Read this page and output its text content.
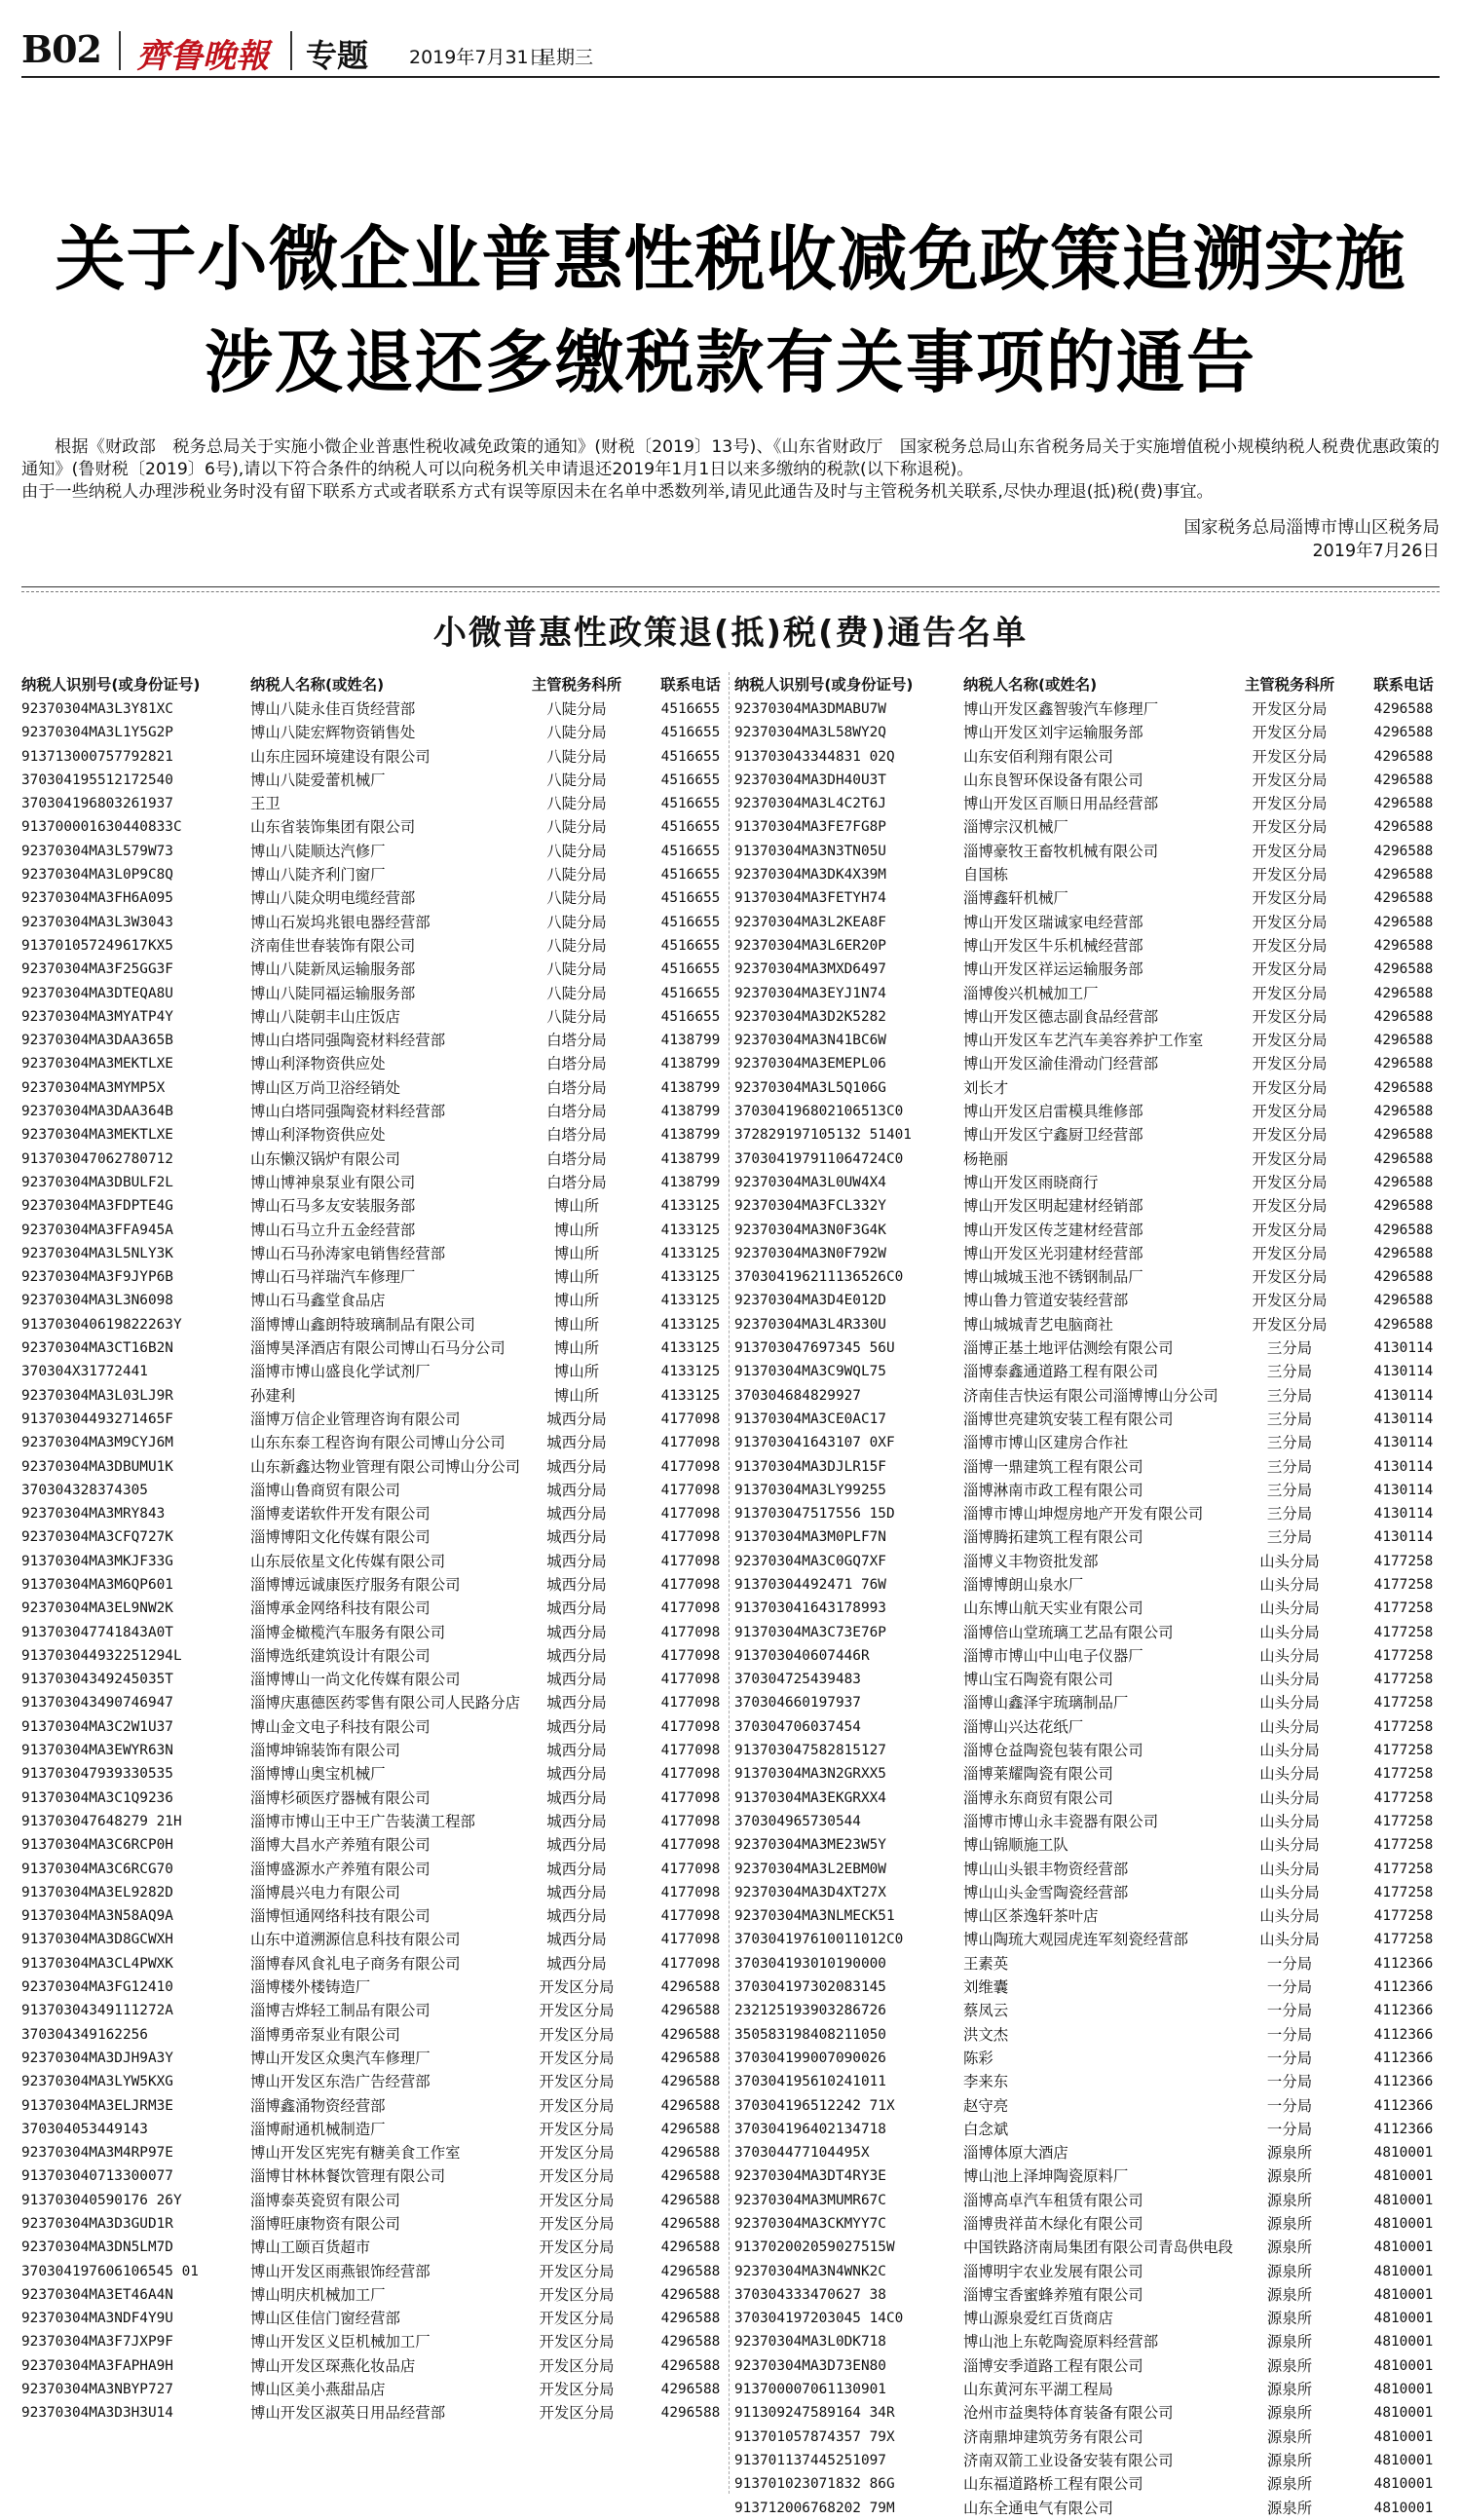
B02 齊鲁晚報 专题 2019年7月31日
星期三
关于小微企业普惠性税收减免政策追溯实施
涉及退还多缴税款有关事项的通告

根据《财政部　税务总局关于实施小微企业普惠性税收减免政策的通知》(财税〔2019〕13号)、《山东省财政厅　国家税务总局山东省税务局关于实施增值税小规模纳税人税费优惠政策的通知》(鲁财税〔2019〕6号),请以下符合条件的纳税人可以向税务机关申请退还2019年1月1日以来多缴纳的税款(以下称退税)。

由于一些纳税人办理涉税业务时没有留下联系方式或者联系方式有误等原因未在名单中悉数列举,请见此通告及时与主管税务机关联系,尽快办理退(抵)税(费)事宜。

国家税务总局淄博市博山区税务局
2019年7月26日
小微普惠性政策退(抵)税(费)通告名单
纳税人识别号(或身份证号)	纳税人名称(或姓名)	主管税务科所	联系电话
92370304MA3L3Y81XC	博山八陡永佳百货经营部	八陡分局	4516655
92370304MA3L1Y5G2P	博山八陡宏辉物资销售处	八陡分局	4516655
913713000757792821	山东庄园环境建设有限公司	八陡分局	4516655
370304195512172540	博山八陡爱蕾机械厂	八陡分局	4516655
370304196803261937	王卫	八陡分局	4516655
913700001630440833C	山东省装饰集团有限公司	八陡分局	4516655
92370304MA3L579W73	博山八陡顺达汽修厂	八陡分局	4516655
92370304MA3L0P9C8Q	博山八陡齐利门窗厂	八陡分局	4516655
92370304MA3FH6A095	博山八陡众明电缆经营部	八陡分局	4516655
92370304MA3L3W3043	博山石炭坞兆银电器经营部	八陡分局	4516655
913701057249617KX5	济南佳世春装饰有限公司	八陡分局	4516655
92370304MA3F25GG3F	博山八陡新凤运输服务部	八陡分局	4516655
92370304MA3DTEQA8U	博山八陡同福运输服务部	八陡分局	4516655
92370304MA3MYATP4Y	博山八陡朝丰山庄饭店	八陡分局	4516655
92370304MA3DAA365B	博山白塔同强陶瓷材料经营部	白塔分局	4138799
92370304MA3MEKTLXE	博山利泽物资供应处	白塔分局	4138799
92370304MA3MYMP5X	博山区万尚卫浴经销处	白塔分局	4138799
92370304MA3DAA364B	博山白塔同强陶瓷材料经营部	白塔分局	4138799
92370304MA3MEKTLXE	博山利泽物资供应处	白塔分局	4138799
913703047062780712	山东懒汉锅炉有限公司	白塔分局	4138799
92370304MA3DBULF2L	博山博神泉泵业有限公司	白塔分局	4138799
92370304MA3FDPTE4G	博山石马多友安装服务部	博山所	4133125
92370304MA3FFA945A	博山石马立升五金经营部	博山所	4133125
92370304MA3L5NLY3K	博山石马孙涛家电销售经营部	博山所	4133125
92370304MA3F9JYP6B	博山石马祥瑞汽车修理厂	博山所	4133125
92370304MA3L3N6098	博山石马鑫堂食品店	博山所	4133125
913703040619822263Y	淄博博山鑫朗特玻璃制品有限公司	博山所	4133125
92370304MA3CT16B2N	淄博昊泽酒店有限公司博山石马分公司	博山所	4133125
370304X31772441	淄博市博山盛良化学试剂厂	博山所	4133125
92370304MA3L03LJ9R	孙建利	博山所	4133125
91370304493271465F	淄博万信企业管理咨询有限公司	城西分局	4177098
92370304MA3M9CYJ6M	山东东泰工程咨询有限公司博山分公司	城西分局	4177098
92370304MA3DBUMU1K	山东新鑫达物业管理有限公司博山分公司	城西分局	4177098
370304328374305	淄博山鲁商贸有限公司	城西分局	4177098
92370304MA3MRY843	淄博麦诺软件开发有限公司	城西分局	4177098
92370304MA3CFQ727K	淄博博阳文化传媒有限公司	城西分局	4177098
91370304MA3MKJF33G	山东辰依星文化传媒有限公司	城西分局	4177098
91370304MA3M6QP601	淄博博远诚康医疗服务有限公司	城西分局	4177098
92370304MA3EL9NW2K	淄博承金网络科技有限公司	城西分局	4177098
913703047741843A0T	淄博金橄榄汽车服务有限公司	城西分局	4177098
913703044932251294L	淄博选纸建筑设计有限公司	城西分局	4177098
91370304349245035T	淄博博山一尚文化传媒有限公司	城西分局	4177098
913703043490746947	淄博庆惠德医药零售有限公司人民路分店	城西分局	4177098
91370304MA3C2W1U37	博山金文电子科技有限公司	城西分局	4177098
91370304MA3EWYR63N	淄博坤锦装饰有限公司	城西分局	4177098
913703047939330535	淄博博山奥宝机械厂	城西分局	4177098
91370304MA3C1Q9236	淄博杉硕医疗器械有限公司	城西分局	4177098
913703047648279 21H	淄博市博山王中王广告装潢工程部	城西分局	4177098
91370304MA3C6RCP0H	淄博大昌水产养殖有限公司	城西分局	4177098
91370304MA3C6RCG70	淄博盛源水产养殖有限公司	城西分局	4177098
91370304MA3EL9282D	淄博晨兴电力有限公司	城西分局	4177098
91370304MA3N58AQ9A	淄博恒通网络科技有限公司	城西分局	4177098
91370304MA3D8GCWXH	山东中道溯源信息科技有限公司	城西分局	4177098
91370304MA3CL4PWXK	淄博春风食礼电子商务有限公司	城西分局	4177098
92370304MA3FG12410	淄博楼外楼铸造厂	开发区分局	4296588
91370304349111272A	淄博吉烨轻工制品有限公司	开发区分局	4296588
370304349162256	淄博勇帝泵业有限公司	开发区分局	4296588
92370304MA3DJH9A3Y	博山开发区众奥汽车修理厂	开发区分局	4296588
92370304MA3LYW5KXG	博山开发区东浩广告经营部	开发区分局	4296588
91370304MA3ELJRM3E	淄博鑫涌物资经营部	开发区分局	4296588
370304053449143	淄博耐通机械制造厂	开发区分局	4296588
92370304MA3M4RP97E	博山开发区宪宪有糖美食工作室	开发区分局	4296588
913703040713300077	淄博甘林林餐饮管理有限公司	开发区分局	4296588
913703040590176 26Y	淄博泰英瓷贸有限公司	开发区分局	4296588
92370304MA3D3GUD1R	淄博旺康物资有限公司	开发区分局	4296588
92370304MA3DN5LM7D	博山工颐百货超市	开发区分局	4296588
370304197606106545 01	博山开发区雨燕银饰经营部	开发区分局	4296588
92370304MA3ET46A4N	博山明庆机械加工厂	开发区分局	4296588
92370304MA3NDF4Y9U	博山区佳信门窗经营部	开发区分局	4296588
92370304MA3F7JXP9F	博山开发区义臣机械加工厂	开发区分局	4296588
92370304MA3FAPHA9H	博山开发区琛燕化妆品店	开发区分局	4296588
92370304MA3NBYP727	博山区美小燕甜品店	开发区分局	4296588
92370304MA3D3H3U14	博山开发区淑英日用品经营部	开发区分局	4296588
纳税人识别号(或身份证号)	纳税人名称(或姓名)	主管税务科所	联系电话
92370304MA3DMABU7W	博山开发区鑫智骏汽车修理厂	开发区分局	4296588
92370304MA3L58WY2Q	博山开发区刘宇运输服务部	开发区分局	4296588
913703043344831 02Q	山东安佰利翔有限公司	开发区分局	4296588
92370304MA3DH40U3T	山东良智环保设备有限公司	开发区分局	4296588
92370304MA3L4C2T6J	博山开发区百顺日用品经营部	开发区分局	4296588
91370304MA3FE7FG8P	淄博宗汉机械厂	开发区分局	4296588
91370304MA3N3TN05U	淄博豪牧王畜牧机械有限公司	开发区分局	4296588
92370304MA3DK4X39M	自国栋	开发区分局	4296588
91370304MA3FETYH74	淄博鑫轩机械厂	开发区分局	4296588
92370304MA3L2KEA8F	博山开发区瑞诚家电经营部	开发区分局	4296588
92370304MA3L6ER20P	博山开发区牛乐机械经营部	开发区分局	4296588
92370304MA3MXD6497	博山开发区祥运运输服务部	开发区分局	4296588
92370304MA3EYJ1N74	淄博俊兴机械加工厂	开发区分局	4296588
92370304MA3D2K5282	博山开发区德志副食品经营部	开发区分局	4296588
92370304MA3N41BC6W	博山开发区车艺汽车美容养护工作室	开发区分局	4296588
92370304MA3EMEPL06	博山开发区渝佳滑动门经营部	开发区分局	4296588
92370304MA3L5Q106G	刘长才	开发区分局	4296588
370304196802106513C0	博山开发区启雷模具维修部	开发区分局	4296588
372829197105132 51401	博山开发区宁鑫厨卫经营部	开发区分局	4296588
370304197911064724C0	杨艳丽	开发区分局	4296588
92370304MA3L0UW4X4	博山开发区雨晓商行	开发区分局	4296588
92370304MA3FCL332Y	博山开发区明起建材经销部	开发区分局	4296588
92370304MA3N0F3G4K	博山开发区传芝建材经营部	开发区分局	4296588
92370304MA3N0F792W	博山开发区光羽建材经营部	开发区分局	4296588
370304196211136526C0	博山城城玉池不锈钢制品厂	开发区分局	4296588
92370304MA3D4E012D	博山鲁力管道安装经营部	开发区分局	4296588
92370304MA3L4R330U	博山城城青艺电脑商社	开发区分局	4296588
913703047697345 56U	淄博正基土地评估测绘有限公司	三分局	4130114
91370304MA3C9WQL75	淄博泰鑫通道路工程有限公司	三分局	4130114
370304684829927	济南佳吉快运有限公司淄博博山分公司	三分局	4130114
91370304MA3CE0AC17	淄博世亮建筑安装工程有限公司	三分局	4130114
913703041643107 0XF	淄博市博山区建房合作社	三分局	4130114
91370304MA3DJLR15F	淄博一鼎建筑工程有限公司	三分局	4130114
91370304MA3LY99255	淄博淋南市政工程有限公司	三分局	4130114
913703047517556 15D	淄博市博山坤煜房地产开发有限公司	三分局	4130114
91370304MA3M0PLF7N	淄博腾拓建筑工程有限公司	三分局	4130114
92370304MA3C0GQ7XF	淄博义丰物资批发部	山头分局	4177258
91370304492471 76W	淄博博朗山泉水厂	山头分局	4177258
913703041643178993	山东博山航天实业有限公司	山头分局	4177258
91370304MA3C73E76P	淄博倍山堂琉璃工艺品有限公司	山头分局	4177258
913703040607446R	淄博市博山中山电子仪器厂	山头分局	4177258
370304725439483	博山宝石陶瓷有限公司	山头分局	4177258
370304660197937	淄博山鑫泽宇琉璃制品厂	山头分局	4177258
370304706037454	淄博山兴达花纸厂	山头分局	4177258
913703047582815127	淄博仓益陶瓷包装有限公司	山头分局	4177258
91370304MA3N2GRXX5	淄博莱耀陶瓷有限公司	山头分局	4177258
91370304MA3EKGRXX4	淄博永东商贸有限公司	山头分局	4177258
370304965730544	淄博市博山永丰瓷器有限公司	山头分局	4177258
92370304MA3ME23W5Y	博山锦顺施工队	山头分局	4177258
92370304MA3L2EBM0W	博山山头银丰物资经营部	山头分局	4177258
92370304MA3D4XT27X	博山山头金雪陶瓷经营部	山头分局	4177258
92370304MA3NLMECK51	博山区茶逸轩茶叶店	山头分局	4177258
370304197610011012C0	博山陶琉大观园虎连军刻瓷经营部	山头分局	4177258
370304193010190000	王素英	一分局	4112366
370304197302083145	刘维囊	一分局	4112366
232125193903286726	蔡凤云	一分局	4112366
350583198408211050	洪文杰	一分局	4112366
370304199007090026	陈彩	一分局	4112366
370304195610241011	李来东	一分局	4112366
370304196512242 71X	赵守亮	一分局	4112366
370304196402134718	白念斌	一分局	4112366
370304477104495X	淄博体原大酒店	源泉所	4810001
92370304MA3DT4RY3E	博山池上泽坤陶瓷原料厂	源泉所	4810001
92370304MA3MUMR67C	淄博高卓汽车租赁有限公司	源泉所	4810001
92370304MA3CKMYY7C	淄博贵祥苗木绿化有限公司	源泉所	4810001
913702002059027515W	中国铁路济南局集团有限公司青岛供电段	源泉所	4810001
92370304MA3N4WNK2C	淄博明宇农业发展有限公司	源泉所	4810001
370304333470627 38	淄博宝香蜜蜂养殖有限公司	源泉所	4810001
370304197203045 14C0	博山源泉爱红百货商店	源泉所	4810001
92370304MA3L0DK718	博山池上东乾陶瓷原料经营部	源泉所	4810001
92370304MA3D73EN80	淄博安季道路工程有限公司	源泉所	4810001
913700007061130901	山东黄河东平湖工程局	源泉所	4810001
911309247589164 34R	沧州市益奥特体育装备有限公司	源泉所	4810001
913701057874357 79X	济南鼎坤建筑劳务有限公司	源泉所	4810001
913701137445251097	济南双箭工业设备安装有限公司	源泉所	4810001
913701023071832 86G	山东福道路桥工程有限公司	源泉所	4810001
913712006768202 79M	山东全通电气有限公司	源泉所	4810001
